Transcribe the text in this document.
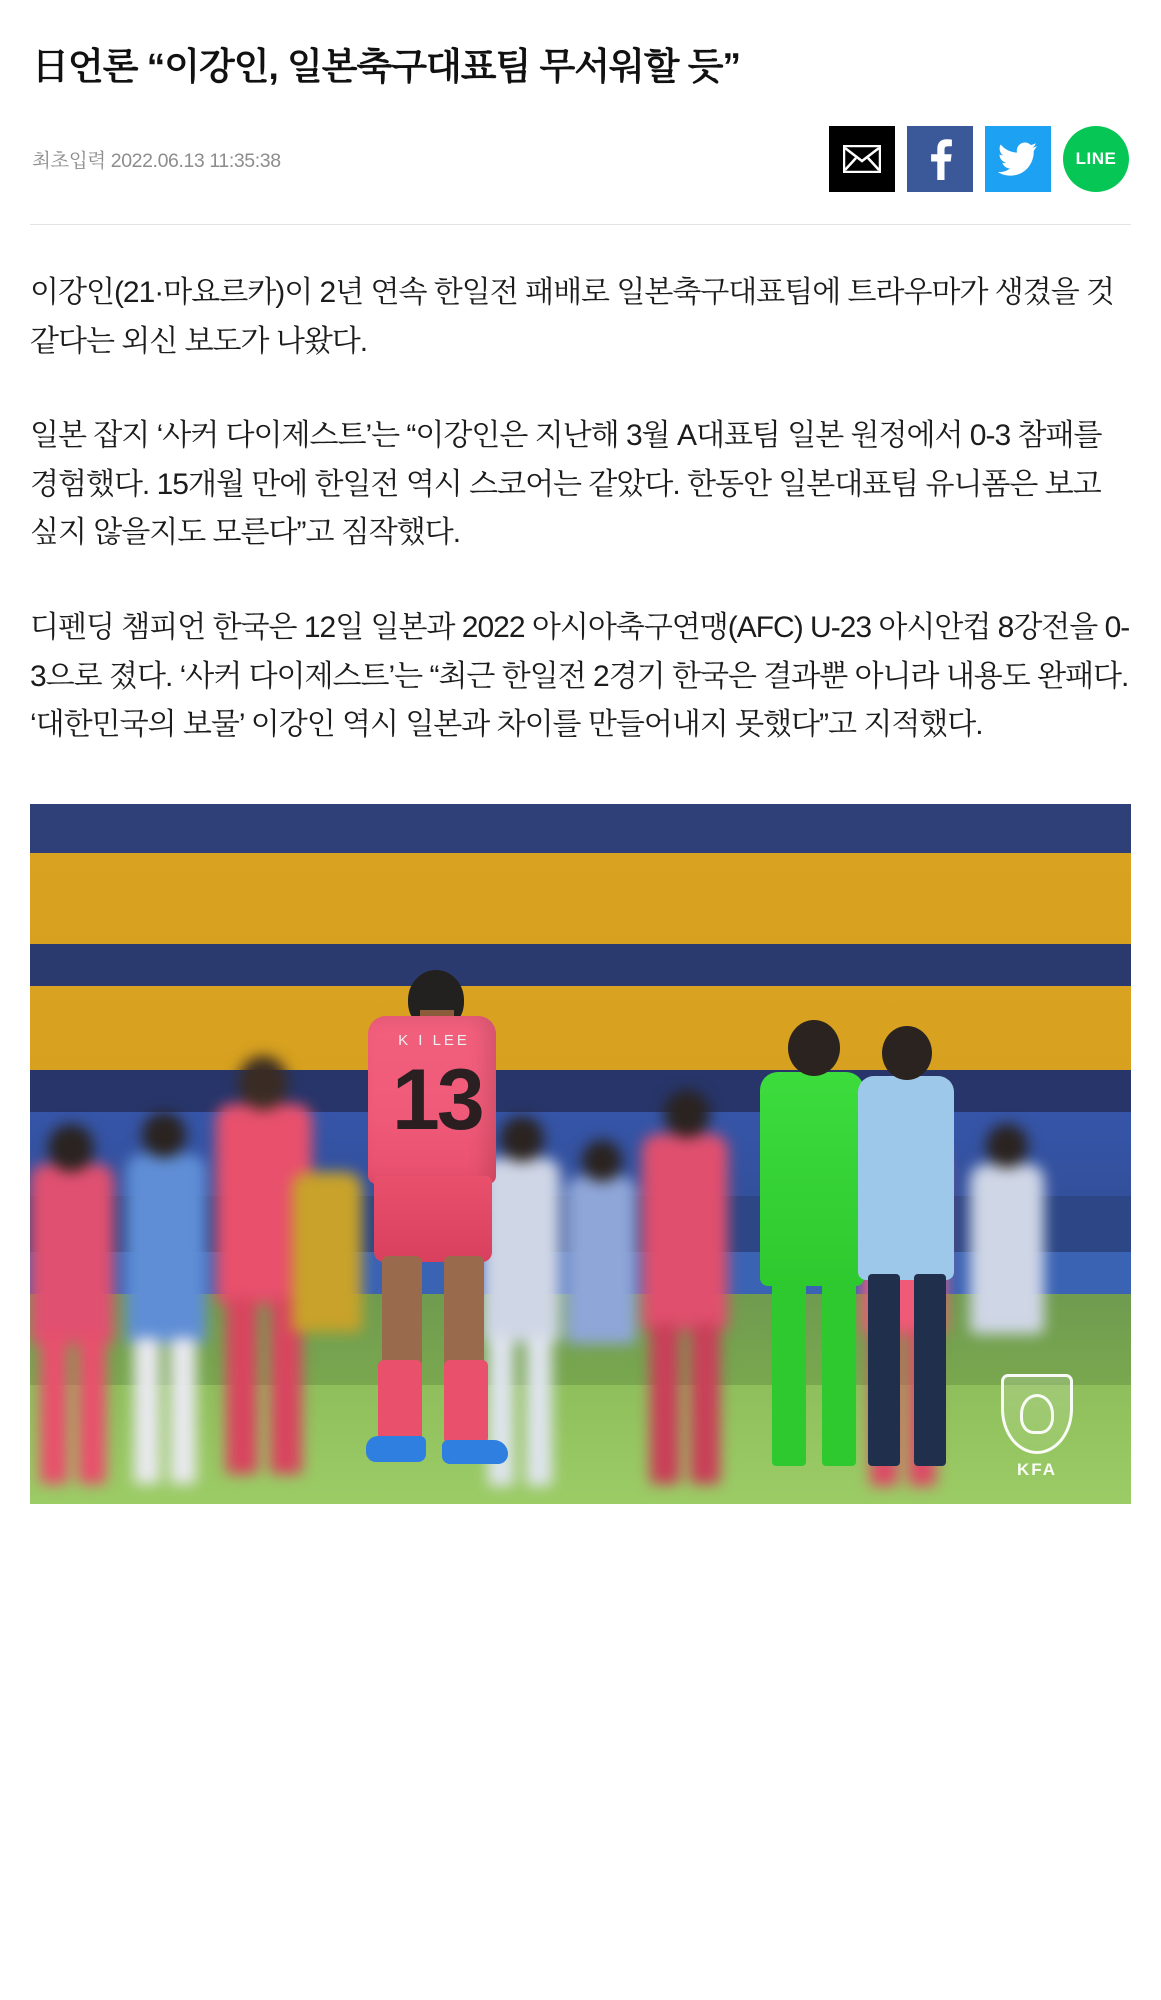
日언론 “이강인, 일본축구대표팀 무서워할 듯”
최초입력 2022.06.13 11:35:38	LINE

이강인(21·마요르카)이 2년 연속 한일전 패배로 일본축구대표팀에 트라우마가 생겼을 것 같다는 외신 보도가 나왔다.

일본 잡지 ‘사커 다이제스트’는 “이강인은 지난해 3월 A대표팀 일본 원정에서 0-3 참패를 경험했다. 15개월 만에 한일전 역시 스코어는 같았다. 한동안 일본대표팀 유니폼은 보고 싶지 않을지도 모른다”고 짐작했다.

디펜딩 챔피언 한국은 12일 일본과 2022 아시아축구연맹(AFC) U-23 아시안컵 8강전을 0-3으로 졌다. ‘사커 다이제스트’는 “최근 한일전 2경기 한국은 결과뿐 아니라 내용도 완패다. ‘대한민국의 보물’ 이강인 역시 일본과 차이를 만들어내지 못했다”고 지적했다.

K I LEE
13
KFA
